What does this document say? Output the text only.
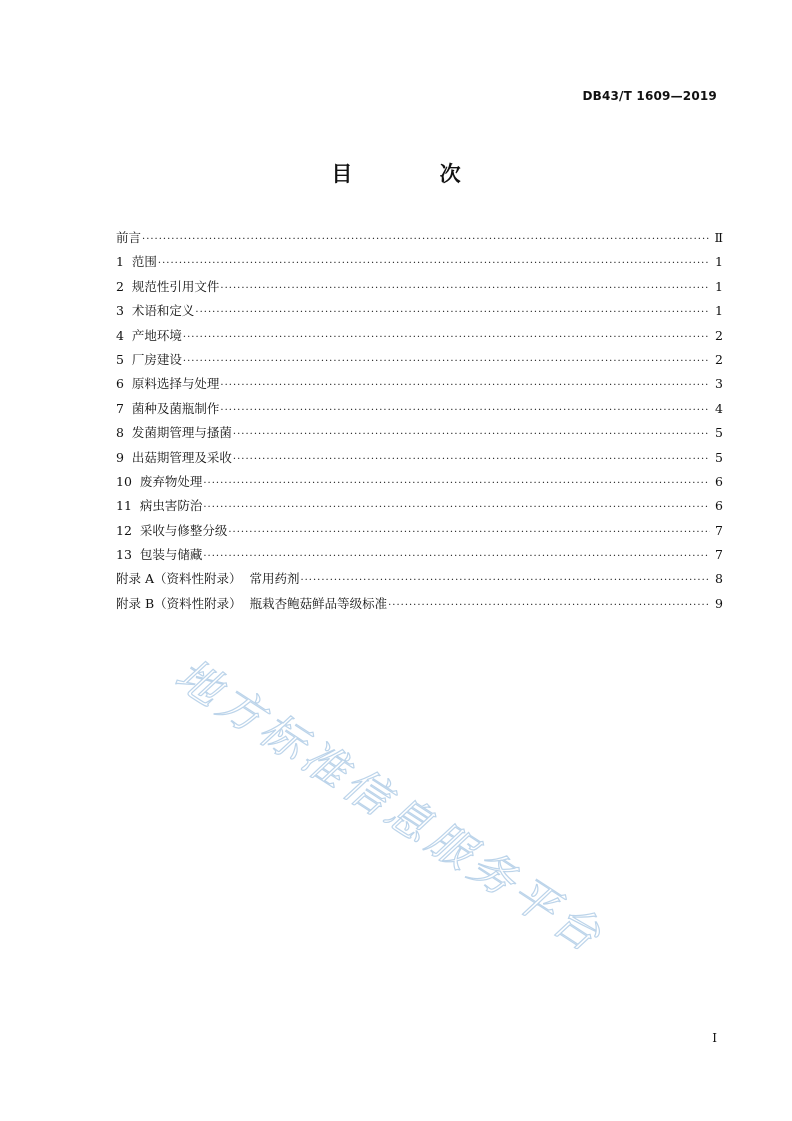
DB43/T 1609—2019
目 次
前言 ·····	Ⅱ
1 范围 ·····	1
2 规范性引用文件 ·····	1
3 术语和定义 ·····	1
4 产地环境 ·····	2
5 厂房建设 ·····	2
6 原料选择与处理 ·····	3
7 菌种及菌瓶制作 ·····	4
8 发菌期管理与搔菌 ·····	5
9 出菇期管理及采收 ·····	5
10 废弃物处理 ·····	6
11 病虫害防治 ·····	6
12 采收与修整分级 ·····	7
13 包装与储藏 ·····	7
附录 A（资料性附录）  常用药剂 ·····	8
附录 B（资料性附录）  瓶栽杏鲍菇鲜品等级标准 ·····	9
地方标准信息服务平台
I
